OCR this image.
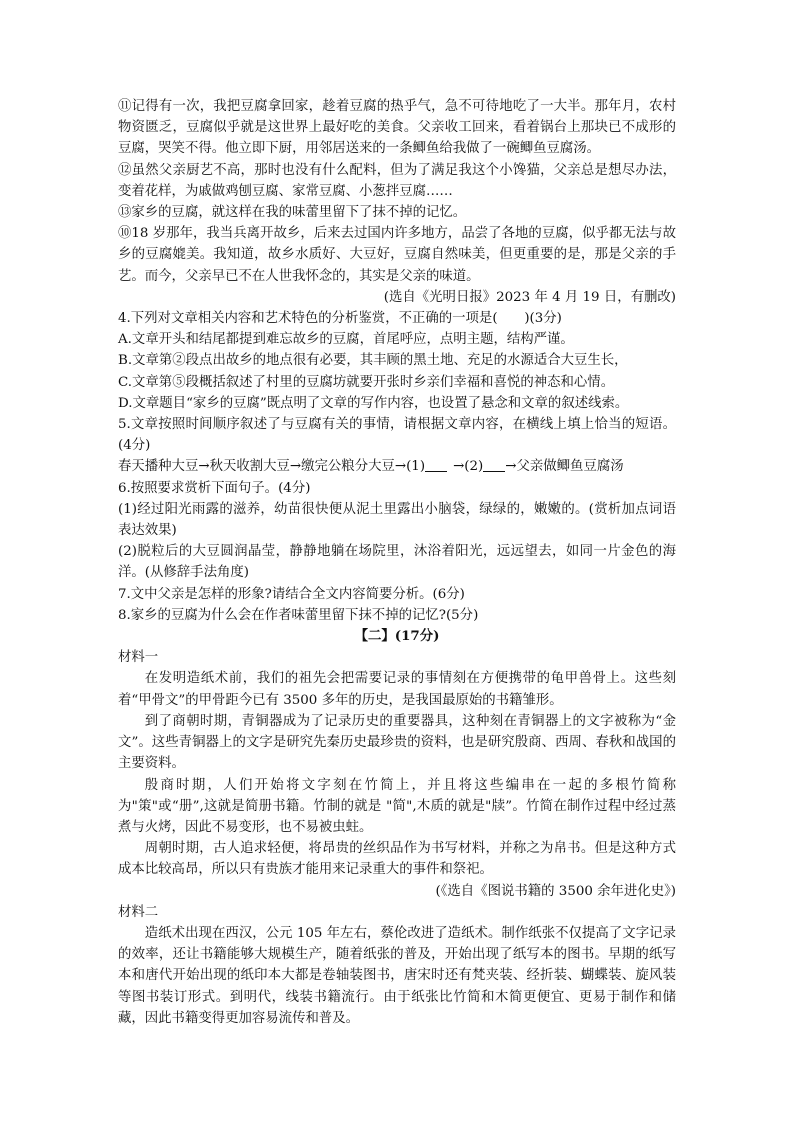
⑪记得有一次，我把豆腐拿回家，趁着豆腐的热乎气，急不可待地吃了一大半。那年月，农村物资匮乏，豆腐似乎就是这世界上最好吃的美食。父亲收工回来，看着锅台上那块已不成形的豆腐，哭笑不得。他立即下厨，用邻居送来的一条鲫鱼给我做了一碗鲫鱼豆腐汤。

⑫虽然父亲厨艺不高，那时也没有什么配料，但为了满足我这个小馋猫，父亲总是想尽办法，变着花样，为戚做鸡刨豆腐、家常豆腐、小葱拌豆腐……

⑬家乡的豆腐，就这样在我的味蕾里留下了抹不掉的记忆。

⑩18 岁那年，我当兵离开故乡，后来去过国内许多地方，品尝了各地的豆腐，似乎都无法与故乡的豆腐媲美。我知道，故乡水质好、大豆好，豆腐自然味美，但更重要的是，那是父亲的手艺。而今，父亲早已不在人世我怀念的，其实是父亲的味道。

(选自《光明日报》2023 年 4 月 19 日，有删改)

4.下列对文章相关内容和艺术特色的分析鉴赏，不正确的一项是(　　)(3分)

A.文章开头和结尾都提到难忘故乡的豆腐，首尾呼应，点明主题，结构严谨。

B.文章第②段点出故乡的地点很有必要，其丰顾的黑土地、充足的水源适合大豆生长，

C.文章第⑤段概括叙述了村里的豆腐坊就要开张时乡亲们幸福和喜悦的神态和心情。

D.文章题目“家乡的豆腐”既点明了文章的写作内容，也设置了悬念和文章的叙述线索。

5.文章按照时间顺序叙述了与豆腐有关的事情，请根据文章内容，在横线上填上恰当的短语。(4分)

春天播种大豆→秋天收割大豆→缴完公粮分大豆→(1) →(2) →父亲做鲫鱼豆腐汤

6.按照要求赏析下面句子。(4分)

(1)经过阳光雨露的滋养，幼苗很快便从泥土里露出小脑袋，绿绿的，嫩嫩的。(赏析加点词语表达效果)

(2)脱粒后的大豆圆润晶莹，静静地躺在场院里，沐浴着阳光，远远望去，如同一片金色的海洋。(从修辞手法角度)

7.文中父亲是怎样的形象?请结合全文内容简要分析。(6分)

8.家乡的豆腐为什么会在作者味蕾里留下抹不掉的记忆?(5分)

【二】(17分)

材料一

在发明造纸术前，我们的祖先会把需要记录的事情刻在方便携带的龟甲兽骨上。这些刻着“甲骨文”的甲骨距今已有 3500 多年的历史，是我国最原始的书籍雏形。

到了商朝时期，青铜器成为了记录历史的重要器具，这种刻在青铜器上的文字被称为“金文”。这些青铜器上的文字是研究先秦历史最珍贵的资料，也是研究殷商、西周、春秋和战国的主要资料。

殷商时期，人们开始将文字刻在竹简上，并且将这些编串在一起的多根竹简称为"策"或“册”,这就是简册书籍。竹制的就是 "简",木质的就是"牍”。竹简在制作过程中经过蒸煮与火烤，因此不易变形，也不易被虫蛀。

周朝时期，古人追求轻便，将昂贵的丝织品作为书写材料，并称之为帛书。但是这种方式成本比较高昂，所以只有贵族才能用来记录重大的事件和祭祀。

(《选自《图说书籍的 3500 余年进化史》)

材料二

造纸术出现在西汉，公元 105 年左右，蔡伦改进了造纸术。制作纸张不仅提高了文字记录的效率，还让书籍能够大规模生产，随着纸张的普及，开始出现了纸写本的图书。早期的纸写本和唐代开始出现的纸印本大都是卷轴装图书，唐宋时还有梵夹装、经折装、蝴蝶装、旋风装等图书装订形式。到明代，线装书籍流行。由于纸张比竹简和木简更便宜、更易于制作和储藏，因此书籍变得更加容易流传和普及。
